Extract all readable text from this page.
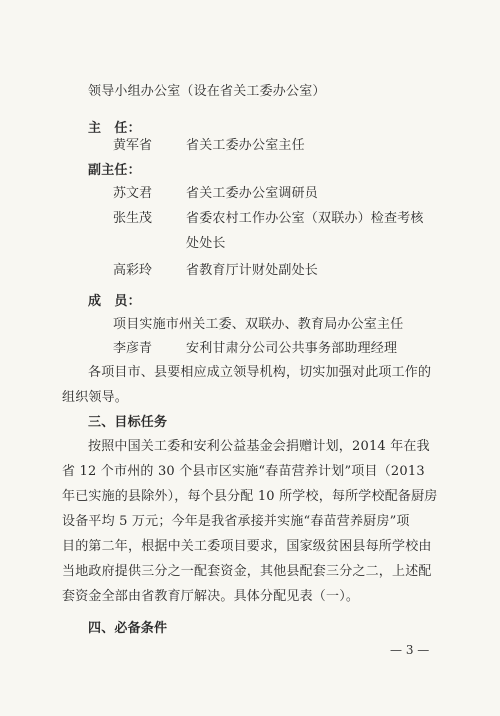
领导小组办公室（设在省关工委办公室）
主　任：
黄军省	省关工委办公室主任
副主任：
苏文君	省关工委办公室调研员
张生茂	省委农村工作办公室（双联办）检查考核
处处长
高彩玲	省教育厅计财处副处长
成　员：
项目实施市州关工委、双联办、教育局办公室主任
李彦青	安利甘肃分公司公共事务部助理经理
各项目市、县要相应成立领导机构，切实加强对此项工作的
组织领导。
三、目标任务
按照中国关工委和安利公益基金会捐赠计划，2014 年在我
省 12 个市州的 30 个县市区实施“春苗营养计划”项目（2013
年已实施的县除外），每个县分配 10 所学校，每所学校配备厨房
设备平均 5 万元；今年是我省承接并实施“春苗营养厨房”项
目的第二年，根据中关工委项目要求，国家级贫困县每所学校由
当地政府提供三分之一配套资金，其他县配套三分之二，上述配
套资金全部由省教育厅解决。具体分配见表（一）。
四、必备条件
— 3 —
